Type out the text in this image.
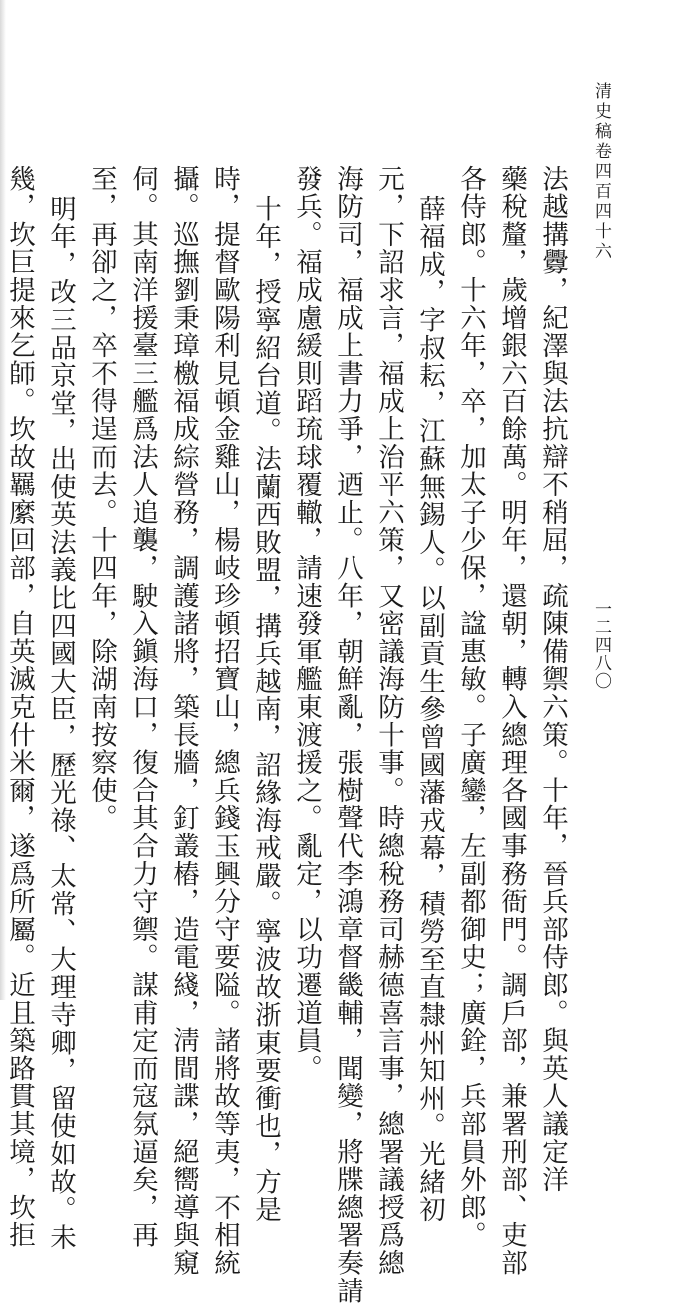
清史稿卷四百四十六
一二四八〇
法越搆釁，紀澤與法抗辯不稍屈，疏陳備禦六策。十年，晉兵部侍郎。與英人議定洋
藥稅釐，歲增銀六百餘萬。明年，還朝，轉入總理各國事務衙門。調戶部，兼署刑部、吏部
各侍郎。十六年，卒，加太子少保，諡惠敏。子廣鑾，左副都御史；廣銓，兵部員外郎。
薛福成，字叔耘，江蘇無錫人。以副貢生參曾國藩戎幕，積勞至直隸州知州。光緒初
元，下詔求言，福成上治平六策，又密議海防十事。時總稅務司赫德喜言事，總署議授爲總
海防司，福成上書力爭，迺止。八年，朝鮮亂，張樹聲代李鴻章督畿輔，聞變，將牒總署奏請
發兵。福成慮緩則蹈琉球覆轍，請速發軍艦東渡援之。亂定，以功遷道員。
十年，授寧紹台道。法蘭西敗盟，搆兵越南，詔緣海戒嚴。寧波故浙東要衝也，方是
時，提督歐陽利見頓金雞山，楊岐珍頓招寶山，總兵錢玉興分守要隘。諸將故等夷，不相統
攝。巡撫劉秉璋檄福成綜營務，調護諸將，築長牆，釘叢樁，造電綫，淸間諜，絕嚮導與窺
伺。其南洋援臺三艦爲法人追襲，駛入鎭海口，復合其合力守禦。謀甫定而寇氛逼矣，再
至，再卻之，卒不得逞而去。十四年，除湖南按察使。
明年，改三品京堂，出使英法義比四國大臣，歷光祿、太常、大理寺卿，留使如故。未
幾，坎巨提來乞師。坎故羈縻回部，自英滅克什米爾，遂爲所屬。近且築路貫其境，坎拒
